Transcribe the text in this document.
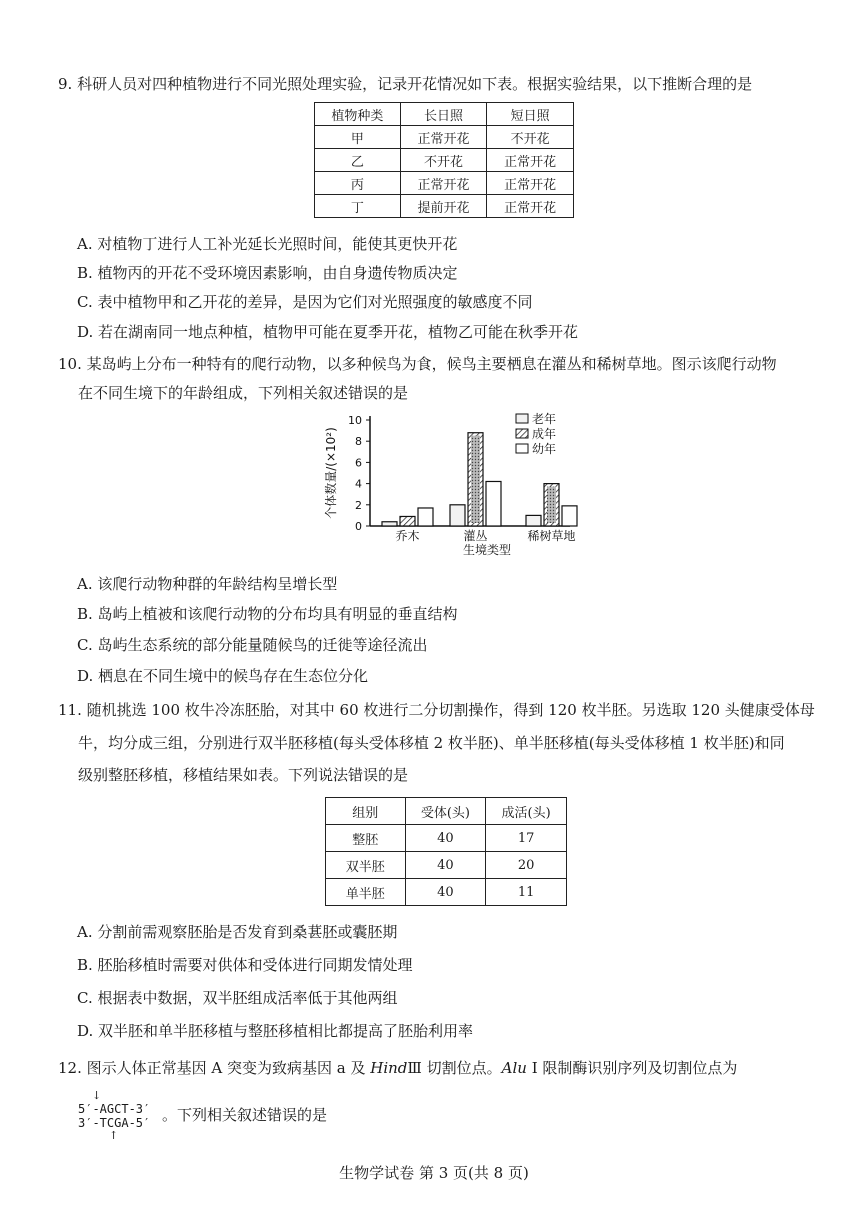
9. 科研人员对四种植物进行不同光照处理实验，记录开花情况如下表。根据实验结果，以下推断合理的是
植物种类	长日照	短日照
甲	正常开花	不开花
乙	不开花	正常开花
丙	正常开花	正常开花
丁	提前开花	正常开花
A. 对植物丁进行人工补光延长光照时间，能使其更快开花
B. 植物丙的开花不受环境因素影响，由自身遗传物质决定
C. 表中植物甲和乙开花的差异，是因为它们对光照强度的敏感度不同
D. 若在湖南同一地点种植，植物甲可能在夏季开花，植物乙可能在秋季开花
10. 某岛屿上分布一种特有的爬行动物，以多种候鸟为食，候鸟主要栖息在灌丛和稀树草地。图示该爬行动物
在不同生境下的年龄组成，下列相关叙述错误的是
0
2
4
6
8
10
个体数量/(×10²)
乔木	灌丛	稀树草地
生境类型
老年
成年
幼年
A. 该爬行动物种群的年龄结构呈增长型
B. 岛屿上植被和该爬行动物的分布均具有明显的垂直结构
C. 岛屿生态系统的部分能量随候鸟的迁徙等途径流出
D. 栖息在不同生境中的候鸟存在生态位分化
11. 随机挑选 100 枚牛冷冻胚胎，对其中 60 枚进行二分切割操作，得到 120 枚半胚。另选取 120 头健康受体母
牛，均分成三组，分别进行双半胚移植(每头受体移植 2 枚半胚)、单半胚移植(每头受体移植 1 枚半胚)和同
级别整胚移植，移植结果如表。下列说法错误的是
组别	受体(头)	成活(头)
整胚	40	17
双半胚	40	20
单半胚	40	11
A. 分割前需观察胚胎是否发育到桑葚胚或囊胚期
B. 胚胎移植时需要对供体和受体进行同期发情处理
C. 根据表中数据，双半胚组成活率低于其他两组
D. 双半胚和单半胚移植与整胚移植相比都提高了胚胎利用率
12. 图示人体正常基因 A 突变为致病基因 a 及 HindⅢ 切割位点。Alu Ⅰ 限制酶识别序列及切割位点为
↓
5′-AGCT-3′
3′-TCGA-5′
↑
。下列相关叙述错误的是
生物学试卷 第 3 页(共 8 页)
